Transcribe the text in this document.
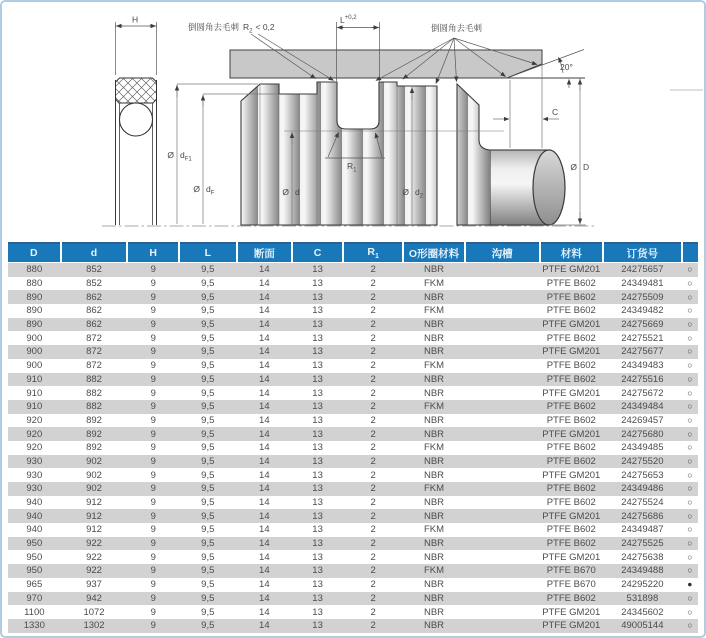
H	$L^{+0,2}$
倒圆角去毛刺 $R_2 < 0,2$	倒圆角去毛刺
20°
C
$R_1$
Ø $d_{F1}$
Ø $d_F$	Ø d	Ø $d_2$
Ø D
D	d	H	L	断面	C	$R_1$	O形圈材料	沟槽	材料	订货号	
880	852	9	9,5	14	13	2	NBR		PTFE GM201	24275657	○
880	852	9	9,5	14	13	2	FKM		PTFE B602	24349481	○
890	862	9	9,5	14	13	2	NBR		PTFE B602	24275509	○
890	862	9	9,5	14	13	2	FKM		PTFE B602	24349482	○
890	862	9	9,5	14	13	2	NBR		PTFE GM201	24275669	○
900	872	9	9,5	14	13	2	NBR		PTFE B602	24275521	○
900	872	9	9,5	14	13	2	NBR		PTFE GM201	24275677	○
900	872	9	9,5	14	13	2	FKM		PTFE B602	24349483	○
910	882	9	9,5	14	13	2	NBR		PTFE B602	24275516	○
910	882	9	9,5	14	13	2	NBR		PTFE GM201	24275672	○
910	882	9	9,5	14	13	2	FKM		PTFE B602	24349484	○
920	892	9	9,5	14	13	2	NBR		PTFE B602	24269457	○
920	892	9	9,5	14	13	2	NBR		PTFE GM201	24275680	○
920	892	9	9,5	14	13	2	FKM		PTFE B602	24349485	○
930	902	9	9,5	14	13	2	NBR		PTFE B602	24275520	○
930	902	9	9,5	14	13	2	NBR		PTFE GM201	24275653	○
930	902	9	9,5	14	13	2	FKM		PTFE B602	24349486	○
940	912	9	9,5	14	13	2	NBR		PTFE B602	24275524	○
940	912	9	9,5	14	13	2	NBR		PTFE GM201	24275686	○
940	912	9	9,5	14	13	2	FKM		PTFE B602	24349487	○
950	922	9	9,5	14	13	2	NBR		PTFE B602	24275525	○
950	922	9	9,5	14	13	2	NBR		PTFE GM201	24275638	○
950	922	9	9,5	14	13	2	FKM		PTFE B670	24349488	○
965	937	9	9,5	14	13	2	NBR		PTFE B670	24295220	●
970	942	9	9,5	14	13	2	NBR		PTFE B602	531898	○
1100	1072	9	9,5	14	13	2	NBR		PTFE GM201	24345602	○
1330	1302	9	9,5	14	13	2	NBR		PTFE GM201	49005144	○
